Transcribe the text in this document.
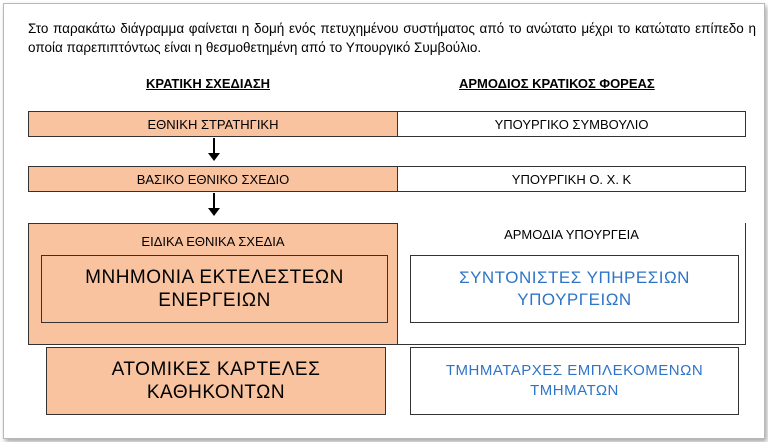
Στο παρακάτω διάγραμμα φαίνεται η δομή ενός πετυχημένου συστήματος από το ανώτατο μέχρι το κατώτατο επίπεδο η οποία παρεπιπτόντως είναι η θεσμοθετημένη από το Υπουργικό Συμβούλιο.
ΚΡΑΤΙΚΗ ΣΧΕΔΙΑΣΗ	ΑΡΜΟΔΙΟΣ ΚΡΑΤΙΚΟΣ ΦΟΡΕΑΣ
ΕΘΝΙΚΗ ΣΤΡΑΤΗΓΙΚΗ	ΥΠΟΥΡΓΙΚΟ ΣΥΜΒΟΥΛΙΟ
ΒΑΣΙΚΟ ΕΘΝΙΚΟ ΣΧΕΔΙΟ	ΥΠΟΥΡΓΙΚΗ Ο. Χ. Κ
ΕΙΔΙΚΑ ΕΘΝΙΚΑ ΣΧΕΔΙΑ
ΜΝΗΜΟΝΙΑ ΕΚΤΕΛΕΣΤΕΩΝ
ΕΝΕΡΓΕΙΩΝ
ΑΡΜΟΔΙΑ ΥΠΟΥΡΓΕΙΑ
ΣΥΝΤΟΝΙΣΤΕΣ ΥΠΗΡΕΣΙΩΝ
ΥΠΟΥΡΓΕΙΩΝ
ΑΤΟΜΙΚΕΣ ΚΑΡΤΕΛΕΣ
ΚΑΘΗΚΟΝΤΩΝ
ΤΜΗΜΑΤΑΡΧΕΣ ΕΜΠΛΕΚΟΜΕΝΩΝ
ΤΜΗΜΑΤΩΝ
